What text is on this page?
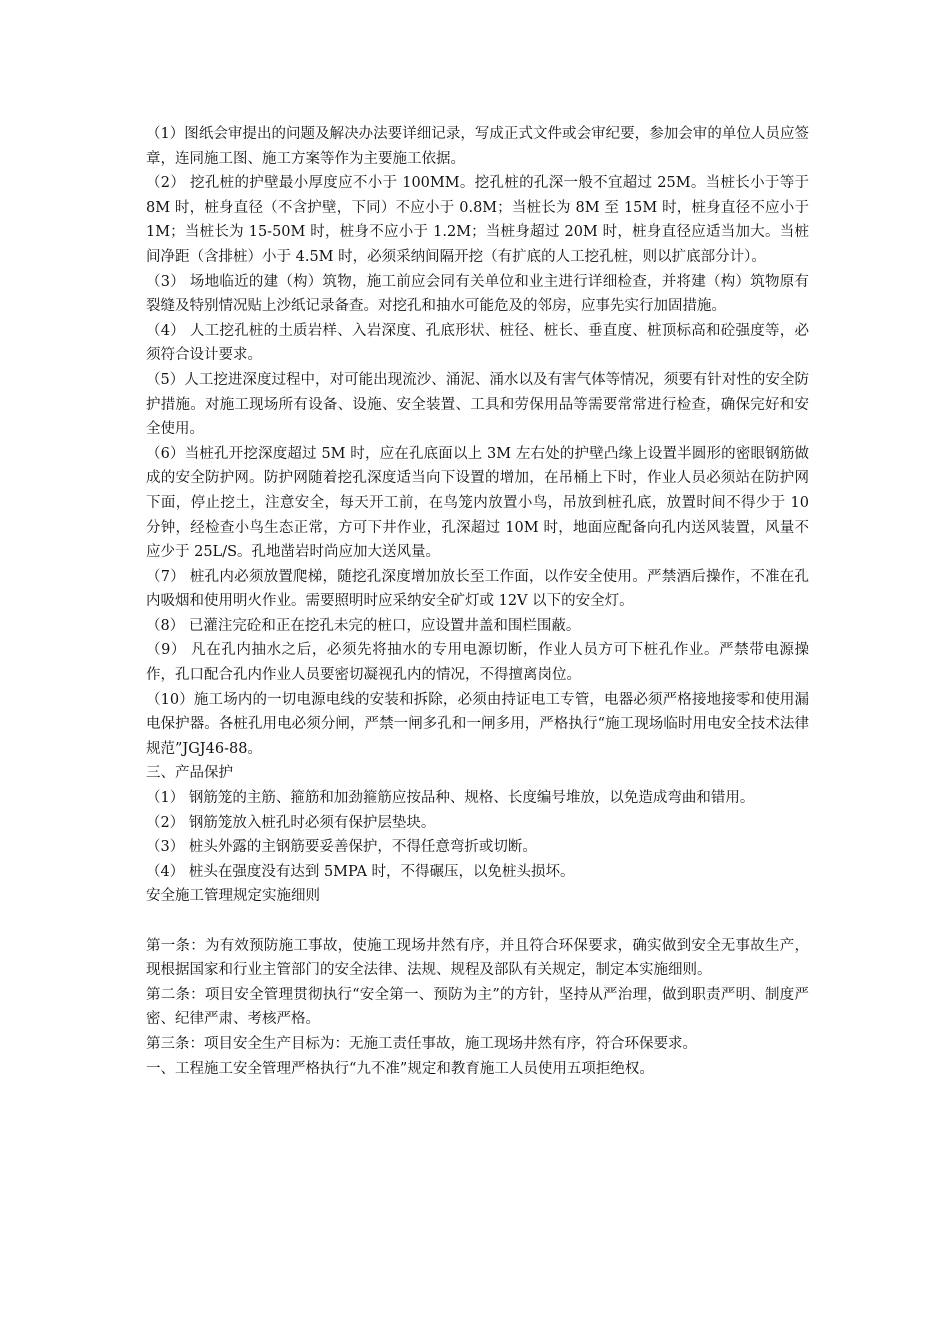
（1）图纸会审提出的问题及解决办法要详细记录，写成正式文件或会审纪要，参加会审的单位人员应签章，连同施工图、施工方案等作为主要施工依据。

（2） 挖孔桩的护壁最小厚度应不小于 100MM。挖孔桩的孔深一般不宜超过 25M。当桩长小于等于 8M 时，桩身直径（不含护壁，下同）不应小于 0.8M；当桩长为 8M 至 15M 时，桩身直径不应小于 1M；当桩长为 15-50M 时，桩身不应小于 1.2M；当桩身超过 20M 时，桩身直径应适当加大。当桩间净距（含排桩）小于 4.5M 时，必须采纳间隔开挖（有扩底的人工挖孔桩，则以扩底部分计）。

（3） 场地临近的建（构）筑物，施工前应会同有关单位和业主进行详细检查，并将建（构）筑物原有裂缝及特别情况贴上沙纸记录备查。对挖孔和抽水可能危及的邻房，应事先实行加固措施。

（4） 人工挖孔桩的土质岩样、入岩深度、孔底形状、桩径、桩长、垂直度、桩顶标高和砼强度等，必须符合设计要求。

（5）人工挖进深度过程中，对可能出现流沙、涌泥、涌水以及有害气体等情况，须要有针对性的安全防护措施。对施工现场所有设备、设施、安全装置、工具和劳保用品等需要常常进行检查，确保完好和安全使用。

（6）当桩孔开挖深度超过 5M 时，应在孔底面以上 3M 左右处的护壁凸缘上设置半圆形的密眼钢筋做成的安全防护网。防护网随着挖孔深度适当向下设置的增加，在吊桶上下时，作业人员必须站在防护网下面，停止挖土，注意安全，每天开工前，在鸟笼内放置小鸟，吊放到桩孔底，放置时间不得少于 10 分钟，经检查小鸟生态正常，方可下井作业，孔深超过 10M 时，地面应配备向孔内送风装置，风量不应少于 25L/S。孔地凿岩时尚应加大送风量。

（7） 桩孔内必须放置爬梯，随挖孔深度增加放长至工作面，以作安全使用。严禁酒后操作，不准在孔内吸烟和使用明火作业。需要照明时应采纳安全矿灯或 12V 以下的安全灯。

（8） 已灌注完砼和正在挖孔未完的桩口，应设置井盖和围栏围蔽。

（9） 凡在孔内抽水之后，必须先将抽水的专用电源切断，作业人员方可下桩孔作业。严禁带电源操作，孔口配合孔内作业人员要密切凝视孔内的情况，不得擅离岗位。

（10）施工场内的一切电源电线的安装和拆除，必须由持证电工专管，电器必须严格接地接零和使用漏电保护器。各桩孔用电必须分闸，严禁一闸多孔和一闸多用，严格执行“施工现场临时用电安全技术法律规范”JGJ46-88。

三、产品保护

（1） 钢筋笼的主筋、箍筋和加劲箍筋应按品种、规格、长度编号堆放，以免造成弯曲和错用。

（2） 钢筋笼放入桩孔时必须有保护层垫块。

（3） 桩头外露的主钢筋要妥善保护，不得任意弯折或切断。

（4） 桩头在强度没有达到 5MPA 时，不得碾压，以免桩头损坏。

安全施工管理规定实施细则

第一条：为有效预防施工事故，使施工现场井然有序，并且符合环保要求，确实做到安全无事故生产，现根据国家和行业主管部门的安全法律、法规、规程及部队有关规定，制定本实施细则。

第二条：项目安全管理贯彻执行“安全第一、预防为主”的方针，坚持从严治理，做到职责严明、制度严密、纪律严肃、考核严格。

第三条：项目安全生产目标为：无施工责任事故，施工现场井然有序，符合环保要求。

一、工程施工安全管理严格执行“九不准”规定和教育施工人员使用五项拒绝权。
